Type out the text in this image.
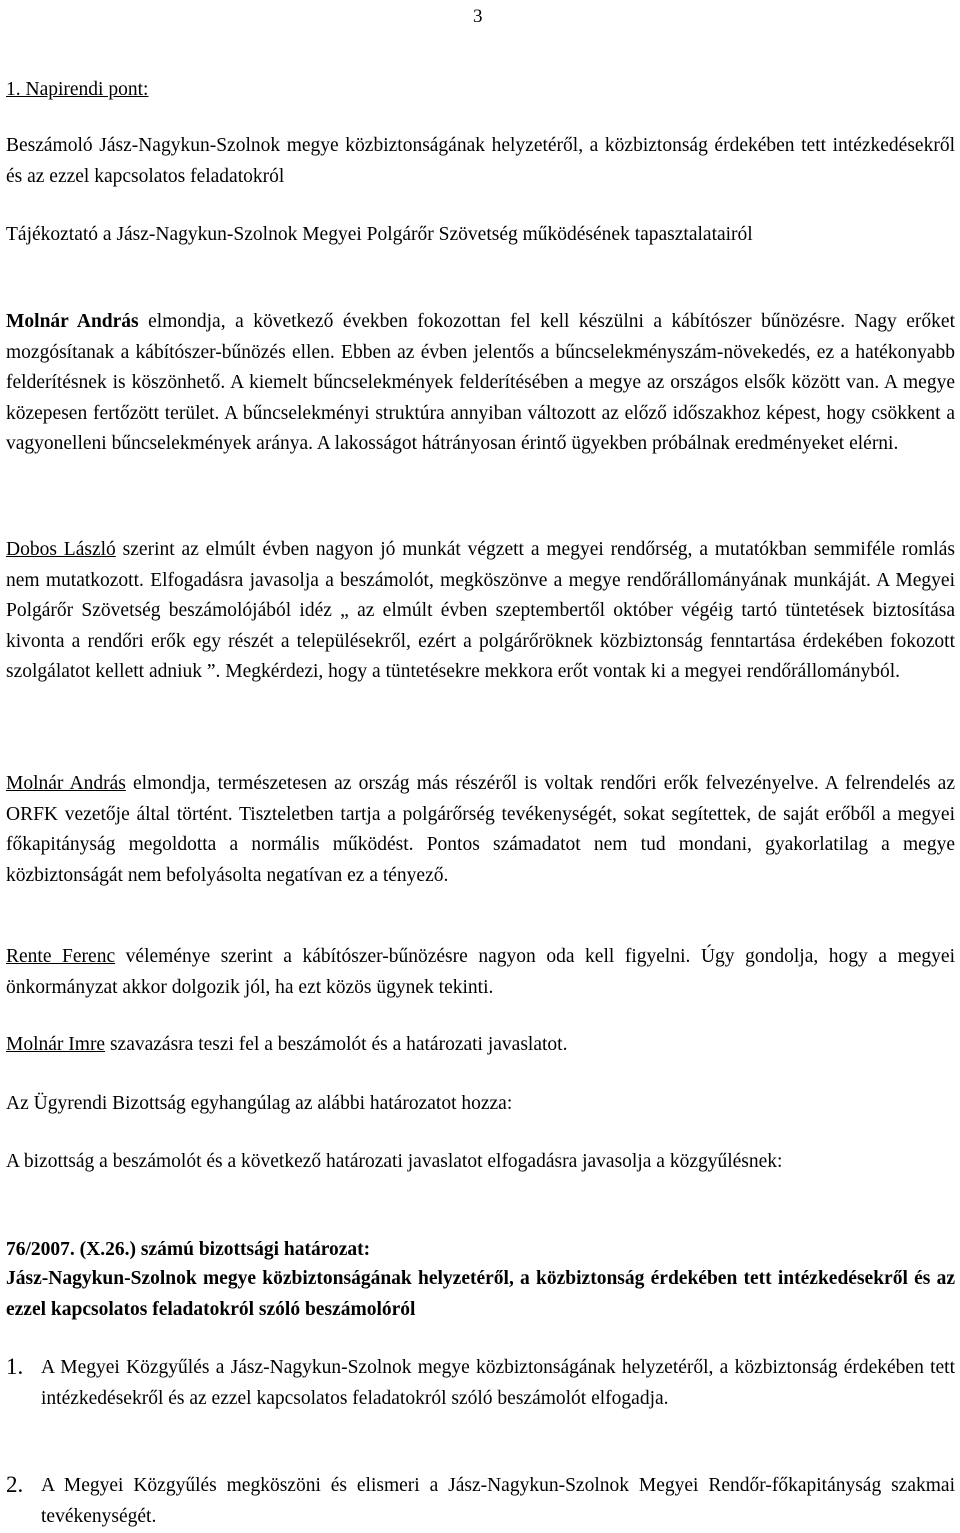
3

1. Napirendi pont:

Beszámoló Jász-Nagykun-Szolnok megye közbiztonságának helyzetéről, a közbiztonság érdekében tett intézkedésekről és az ezzel kapcsolatos feladatokról

Tájékoztató a Jász-Nagykun-Szolnok Megyei Polgárőr Szövetség működésének tapasztalatairól

Molnár András elmondja, a következő években fokozottan fel kell készülni a kábítószer bűnözésre. Nagy erőket mozgósítanak a kábítószer-bűnözés ellen. Ebben az évben jelentős a bűncselekményszám-növekedés, ez a hatékonyabb felderítésnek is köszönhető. A kiemelt bűncselekmények felderítésében a megye az országos elsők között van. A megye közepesen fertőzött terület. A bűncselekményi struktúra annyiban változott az előző időszakhoz képest, hogy csökkent a vagyonelleni bűncselekmények aránya. A lakosságot hátrányosan érintő ügyekben próbálnak eredményeket elérni.

Dobos László szerint az elmúlt évben nagyon jó munkát végzett a megyei rendőrség, a mutatókban semmiféle romlás nem mutatkozott. Elfogadásra javasolja a beszámolót, megköszönve a megye rendőrállományának munkáját. A Megyei Polgárőr Szövetség beszámolójából idéz „ az elmúlt évben szeptembertől október végéig tartó tüntetések biztosítása kivonta a rendőri erők egy részét a településekről, ezért a polgárőröknek közbiztonság fenntartása érdekében fokozott szolgálatot kellett adniuk ”. Megkérdezi, hogy a tüntetésekre mekkora erőt vontak ki a megyei rendőrállományból.

Molnár András elmondja, természetesen az ország más részéről is voltak rendőri erők felvezényelve. A felrendelés az ORFK vezetője által történt. Tiszteletben tartja a polgárőrség tevékenységét, sokat segítettek, de saját erőből a megyei főkapitányság megoldotta a normális működést. Pontos számadatot nem tud mondani, gyakorlatilag a megye közbiztonságát nem befolyásolta negatívan ez a tényező.

Rente Ferenc véleménye szerint a kábítószer-bűnözésre nagyon oda kell figyelni. Úgy gondolja, hogy a megyei önkormányzat akkor dolgozik jól, ha ezt közös ügynek tekinti.

Molnár Imre szavazásra teszi fel a beszámolót és a határozati javaslatot.

Az Ügyrendi Bizottság egyhangúlag az alábbi határozatot hozza:

A bizottság a beszámolót és a következő határozati javaslatot elfogadásra javasolja a közgyűlésnek:

76/2007. (X.26.) számú bizottsági határozat:

Jász-Nagykun-Szolnok megye közbiztonságának helyzetéről, a közbiztonság érdekében tett intézkedésekről és az ezzel kapcsolatos feladatokról szóló beszámolóról

1. A Megyei Közgyűlés a Jász-Nagykun-Szolnok megye közbiztonságának helyzetéről, a közbiztonság érdekében tett intézkedésekről és az ezzel kapcsolatos feladatokról szóló beszámolót elfogadja.

2. A Megyei Közgyűlés megköszöni és elismeri a Jász-Nagykun-Szolnok Megyei Rendőr-főkapitányság szakmai tevékenységét.
